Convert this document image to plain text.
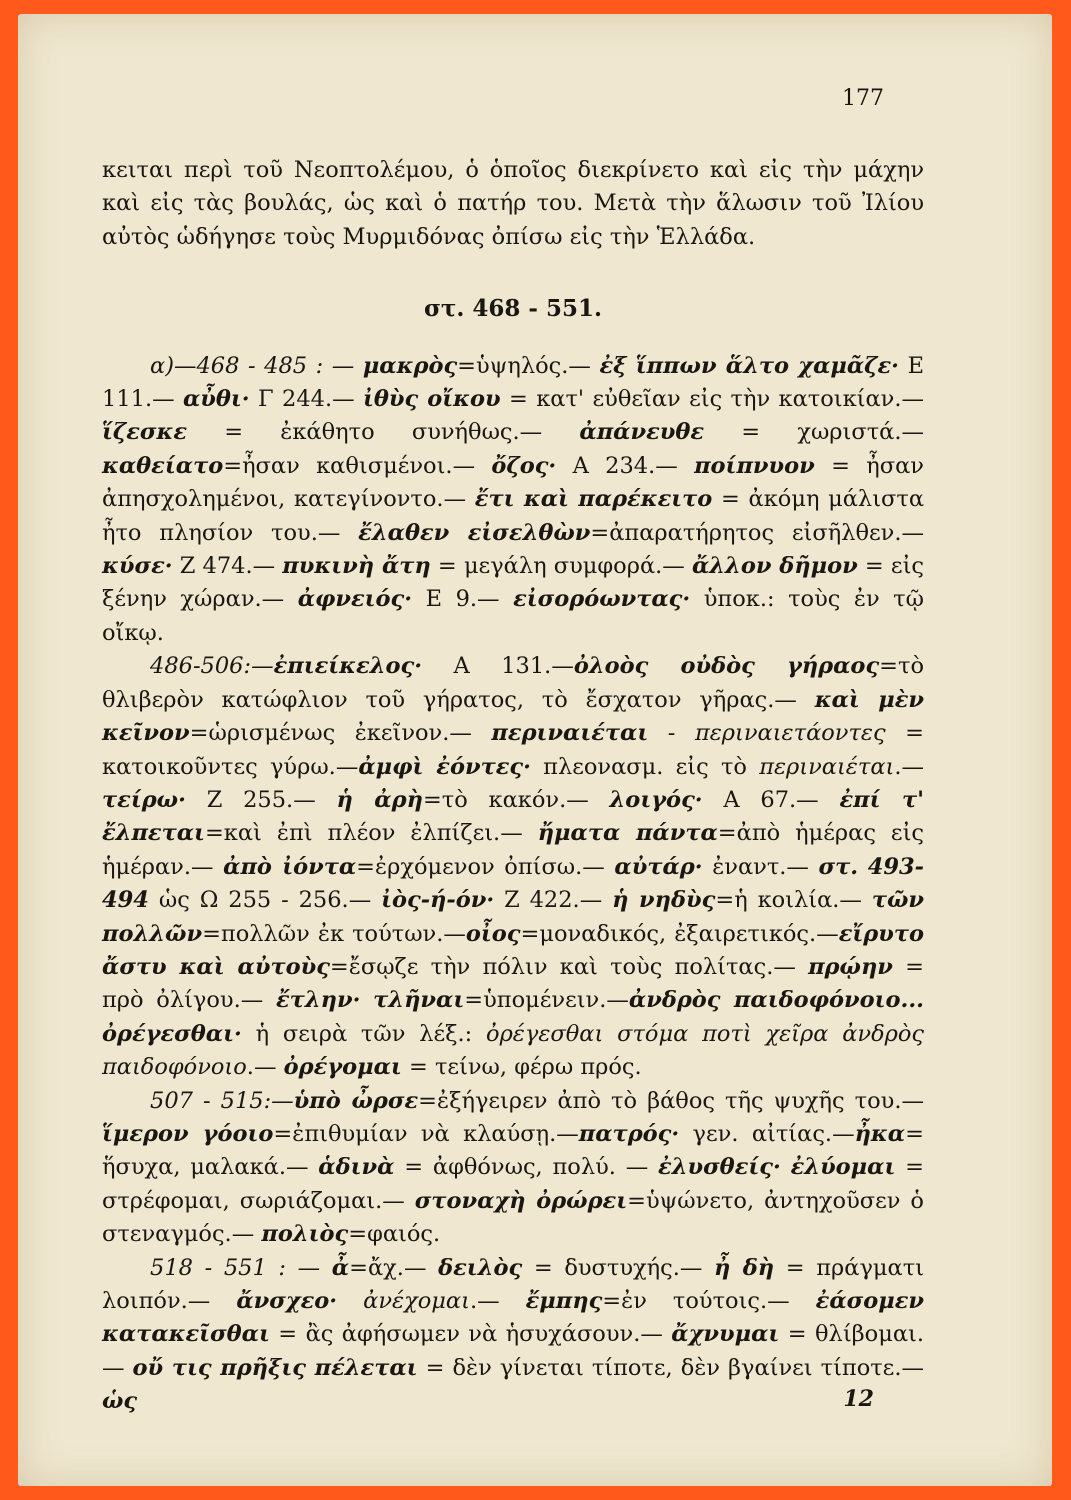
177

κειται περὶ τοῦ Νεοπτολέμου, ὁ ὁποῖος διεκρίνετο καὶ εἰς τὴν μάχην καὶ εἰς τὰς βουλάς, ὡς καὶ ὁ πατήρ του. Μετὰ τὴν ἅλωσιν τοῦ Ἰλίου αὐτὸς ὡδήγησε τοὺς Μυρμιδόνας ὀπίσω εἰς τὴν Ἑλλάδα.

στ. 468 - 551.

α)—468 - 485 : — μακρὸς=ὑψηλός.— ἐξ ἵππων ἅλτο χαμᾶζε· Ε 111.— αὖθι· Γ 244.— ἰθὺς οἴκου = κατ' εὐθεῖαν εἰς τὴν κατοικίαν.— ἵζεσκε = ἐκάθητο συνήθως.— ἀπάνευθε = χωριστά.— καθείατο=ἦσαν καθισμένοι.— ὄζος· Α 234.— ποίπνυον = ἦσαν ἀπησχολημένοι, κατεγίνοντο.— ἔτι καὶ παρέκειτο = ἀκόμη μάλιστα ἦτο πλησίον του.— ἔλαθεν εἰσελθὼν=ἀπαρατήρητος εἰσῆλθεν.— κύσε· Ζ 474.— πυκινὴ ἄτη = μεγάλη συμφορά.— ἄλλον δῆμον = εἰς ξένην χώραν.— ἀφνειός· Ε 9.— εἰσορόωντας· ὑποκ.: τοὺς ἐν τῷ οἴκῳ.

486-506:—ἐπιείκελος· Α 131.—ὀλοὸς οὐδὸς γήραος=τὸ θλιβερὸν κατώφλιον τοῦ γήρατος, τὸ ἔσχατον γῆρας.— καὶ μὲν κεῖνον=ὡρισμένως ἐκεῖνον.— περιναιέται - περιναιετάοντες = κατοικοῦντες γύρω.—ἀμφὶ ἐόντες· πλεονασμ. εἰς τὸ περιναιέται.—τείρω· Ζ 255.— ἡ ἀρὴ=τὸ κακόν.— λοιγός· Α 67.— ἐπί τ' ἔλπεται=καὶ ἐπὶ πλέον ἐλπίζει.— ἤματα πάντα=ἀπὸ ἡμέρας εἰς ἡμέραν.— ἀπὸ ἰόντα=ἐρχόμενον ὀπίσω.— αὐτάρ· ἐναντ.— στ. 493-494 ὡς Ω 255 - 256.— ἰὸς-ή-όν· Ζ 422.— ἡ νηδὺς=ἡ κοιλία.— τῶν πολλῶν=πολλῶν ἐκ τούτων.—οἶος=μοναδικός, ἐξαιρετικός.—εἴρυτο ἄστυ καὶ αὐτοὺς=ἔσῳζε τὴν πόλιν καὶ τοὺς πολίτας.— πρῴην = πρὸ ὀλίγου.— ἔτλην· τλῆναι=ὑπομένειν.—ἀνδρὸς παιδοφόνοιο... ὀρέγεσθαι· ἡ σειρὰ τῶν λέξ.: ὀρέγεσθαι στόμα ποτὶ χεῖρα ἀνδρὸς παιδοφόνοιο.— ὀρέγομαι = τείνω, φέρω πρός.

507 - 515:—ὑπὸ ὦρσε=ἐξήγειρεν ἀπὸ τὸ βάθος τῆς ψυχῆς του.— ἵμερον γόοιο=ἐπιθυμίαν νὰ κλαύσῃ.—πατρός· γεν. αἰτίας.—ἦκα= ἥσυχα, μαλακά.— ἁδινὰ = ἀφθόνως, πολύ. — ἐλυσθείς· ἐλύομαι = στρέφομαι, σωριάζομαι.— στοναχὴ ὀρώρει=ὑψώνετο, ἀντηχοῦσεν ὁ στεναγμός.— πολιὸς=φαιός.

518 - 551 : — ἆ=ἄχ.— δειλὸς = δυστυχής.— ἦ δὴ = πράγματι λοιπόν.— ἄνσχεο· ἀνέχομαι.— ἔμπης=ἐν τούτοις.— ἐάσομεν κατακεῖσθαι = ἂς ἀφήσωμεν νὰ ἡσυχάσουν.— ἄχνυμαι = θλίβομαι.— οὔ τις πρῆξις πέλεται = δὲν γίνεται τίποτε, δὲν βγαίνει τίποτε.— ὡς	12
